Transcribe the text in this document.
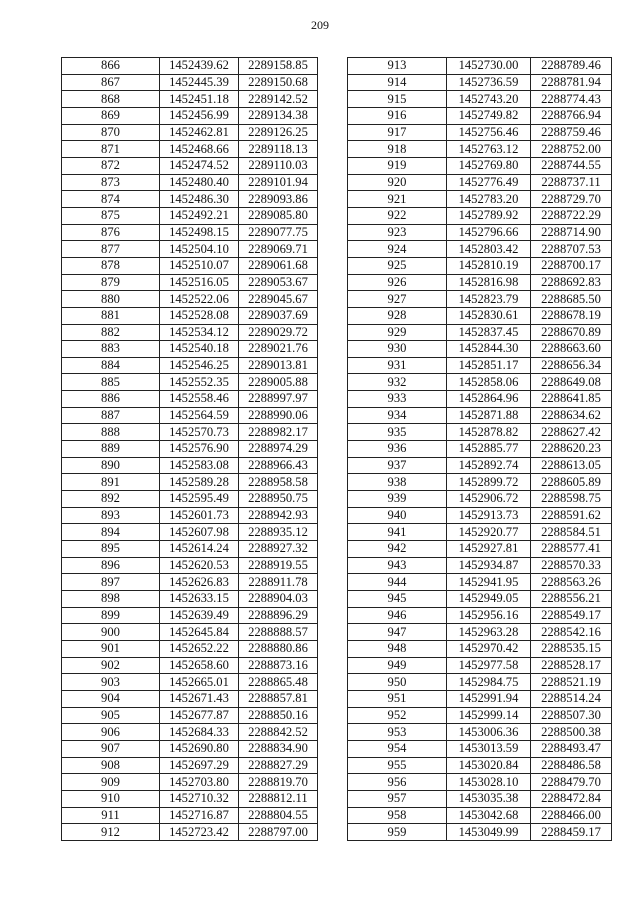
209
866	1452439.62	2289158.85
867	1452445.39	2289150.68
868	1452451.18	2289142.52
869	1452456.99	2289134.38
870	1452462.81	2289126.25
871	1452468.66	2289118.13
872	1452474.52	2289110.03
873	1452480.40	2289101.94
874	1452486.30	2289093.86
875	1452492.21	2289085.80
876	1452498.15	2289077.75
877	1452504.10	2289069.71
878	1452510.07	2289061.68
879	1452516.05	2289053.67
880	1452522.06	2289045.67
881	1452528.08	2289037.69
882	1452534.12	2289029.72
883	1452540.18	2289021.76
884	1452546.25	2289013.81
885	1452552.35	2289005.88
886	1452558.46	2288997.97
887	1452564.59	2288990.06
888	1452570.73	2288982.17
889	1452576.90	2288974.29
890	1452583.08	2288966.43
891	1452589.28	2288958.58
892	1452595.49	2288950.75
893	1452601.73	2288942.93
894	1452607.98	2288935.12
895	1452614.24	2288927.32
896	1452620.53	2288919.55
897	1452626.83	2288911.78
898	1452633.15	2288904.03
899	1452639.49	2288896.29
900	1452645.84	2288888.57
901	1452652.22	2288880.86
902	1452658.60	2288873.16
903	1452665.01	2288865.48
904	1452671.43	2288857.81
905	1452677.87	2288850.16
906	1452684.33	2288842.52
907	1452690.80	2288834.90
908	1452697.29	2288827.29
909	1452703.80	2288819.70
910	1452710.32	2288812.11
911	1452716.87	2288804.55
912	1452723.42	2288797.00
913	1452730.00	2288789.46
914	1452736.59	2288781.94
915	1452743.20	2288774.43
916	1452749.82	2288766.94
917	1452756.46	2288759.46
918	1452763.12	2288752.00
919	1452769.80	2288744.55
920	1452776.49	2288737.11
921	1452783.20	2288729.70
922	1452789.92	2288722.29
923	1452796.66	2288714.90
924	1452803.42	2288707.53
925	1452810.19	2288700.17
926	1452816.98	2288692.83
927	1452823.79	2288685.50
928	1452830.61	2288678.19
929	1452837.45	2288670.89
930	1452844.30	2288663.60
931	1452851.17	2288656.34
932	1452858.06	2288649.08
933	1452864.96	2288641.85
934	1452871.88	2288634.62
935	1452878.82	2288627.42
936	1452885.77	2288620.23
937	1452892.74	2288613.05
938	1452899.72	2288605.89
939	1452906.72	2288598.75
940	1452913.73	2288591.62
941	1452920.77	2288584.51
942	1452927.81	2288577.41
943	1452934.87	2288570.33
944	1452941.95	2288563.26
945	1452949.05	2288556.21
946	1452956.16	2288549.17
947	1452963.28	2288542.16
948	1452970.42	2288535.15
949	1452977.58	2288528.17
950	1452984.75	2288521.19
951	1452991.94	2288514.24
952	1452999.14	2288507.30
953	1453006.36	2288500.38
954	1453013.59	2288493.47
955	1453020.84	2288486.58
956	1453028.10	2288479.70
957	1453035.38	2288472.84
958	1453042.68	2288466.00
959	1453049.99	2288459.17
